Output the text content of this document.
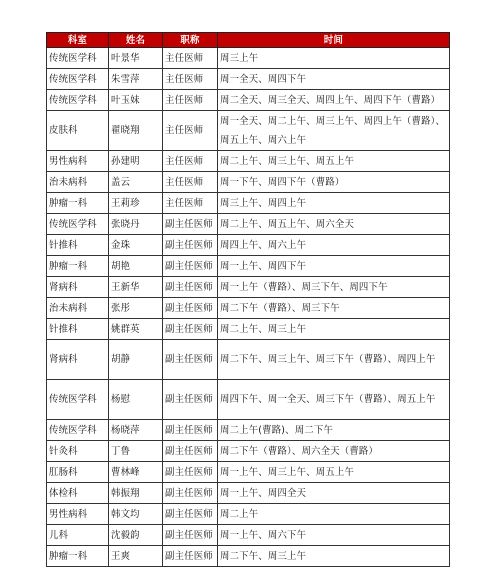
科室	姓名	职称	时间
传统医学科	叶景华	主任医师	周三上午
传统医学科	朱雪萍	主任医师	周一全天、周四下午
传统医学科	叶玉妹	主任医师	周二全天、周三全天、周四上午、周四下午（曹路）
皮肤科	翟晓翔	主任医师	周一全天、周二上午、周三上午、周四上午（曹路）、周五上午、周六上午
男性病科	孙建明	主任医师	周二上午、周三上午、周五上午
治未病科	盖云	主任医师	周一下午、周四下午（曹路）
肿瘤一科	王莉珍	主任医师	周三上午、周四上午
传统医学科	张晓丹	副主任医师	周二上午、周五上午、周六全天
针推科	金珠	副主任医师	周四上午、周六上午
肿瘤一科	胡艳	副主任医师	周一上午、周四下午
肾病科	王新华	副主任医师	周一上午（曹路）、周三下午、周四下午
治未病科	张彤	副主任医师	周二下午（曹路）、周三下午
针推科	姚群英	副主任医师	周二上午、周三上午
肾病科	胡静	副主任医师	周二下午、周三上午、周三下午（曹路）、周四上午
传统医学科	杨慰	副主任医师	周四下午、周一全天、周三下午（曹路）、周五上午
传统医学科	杨晓萍	副主任医师	周二上午(曹路)、周二下午
针灸科	丁鲁	副主任医师	周二下午（曹路）、周六全天（曹路）
肛肠科	曹林峰	副主任医师	周一上午、周三上午、周五上午
体检科	韩振翔	副主任医师	周一上午、周四全天
男性病科	韩文均	副主任医师	周二上午
儿科	沈毅韵	副主任医师	周一上午、周六下午
肿瘤一科	王爽	副主任医师	周二下午、周三上午
